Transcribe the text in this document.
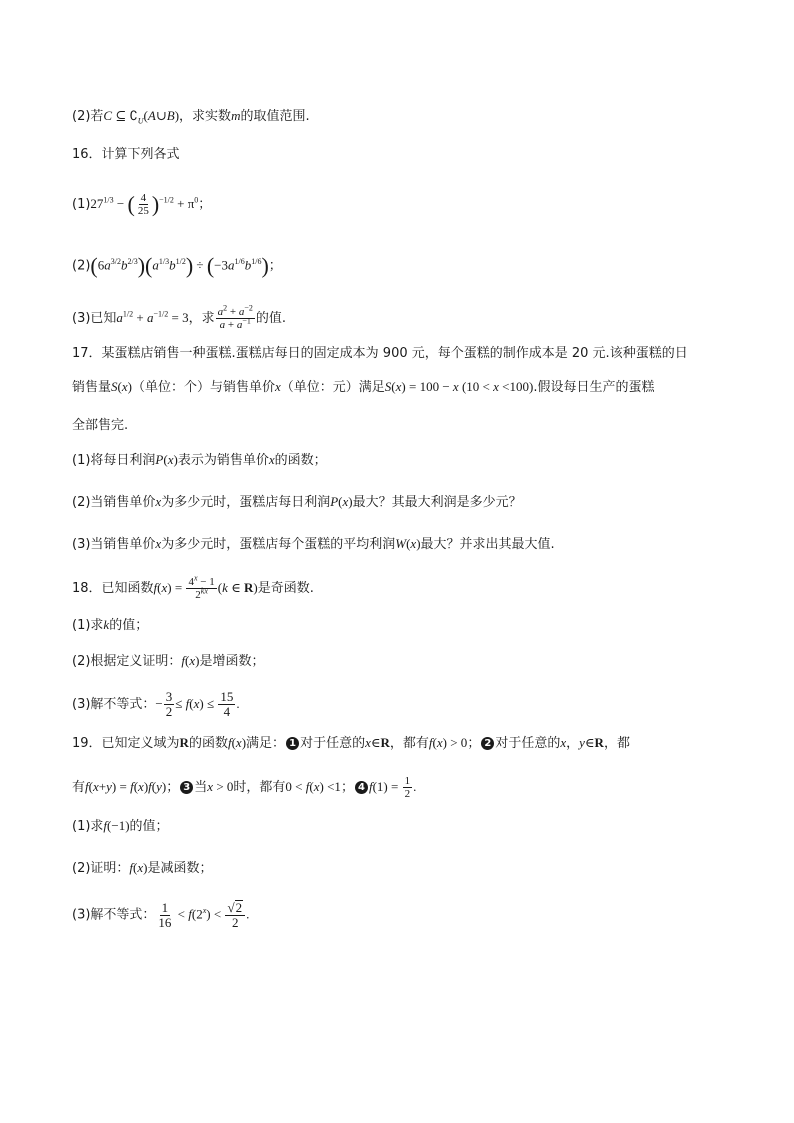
(2)若C ⊆ $∁_U(A\cup B)$，求实数m的取值范围.
16．计算下列各式
$(1)27^{1/3}$ − ( $\frac{4}{25} )^{-1/2} + \pi^0$；
$(2)(6a^{3/2}b^{2/3})(a^{1/3}b^{1/2}) \div (-3a^{1/6}b^{1/6})$；
(3)已知$a^{1/2} + a^{-1/2} = 3$，求 $\frac{a^2 + a^{-2}}{a + a^{-1}}$ 的值.
17．某蛋糕店销售一种蛋糕.蛋糕店每日的固定成本为 900 元，每个蛋糕的制作成本是 20 元.该种蛋糕的日
销售量S(x)（单位：个）与销售单价x（单位：元）满足S(x) = 100 − x (10 < x <100).假设每日生产的蛋糕
全部售完.
(1)将每日利润P(x)表示为销售单价x的函数；
(2)当销售单价x为多少元时，蛋糕店每日利润P(x)最大？其最大利润是多少元？
(3)当销售单价x为多少元时，蛋糕店每个蛋糕的平均利润W(x)最大？并求出其最大值.
18．已知函数$f(x) = \frac{4^x - 1}{2^{kx}} (k$ ∈ R)是奇函数.
(1)求k的值；
(2)根据定义证明：f(x)是增函数；
(3)解不等式：− $\frac{3}{2} \le f(x) \le \frac{15}{4}$ .
19．已知定义域为R的函数f(x)满足： 1 对于任意的x∈R，都有f(x) > 0； 2 对于任意的x，y∈R，都
有f(x+y) = f(x)f(y)； 3 当x > 0时，都有0 < f(x) <1； 4 $f(1) = \frac{1}{2}$ .
(1)求f(−1)的值；
(2)证明：f(x)是减函数；
(3)解不等式： $\frac{1}{16} < f(2^x) < \frac{√2}{2}$ .
